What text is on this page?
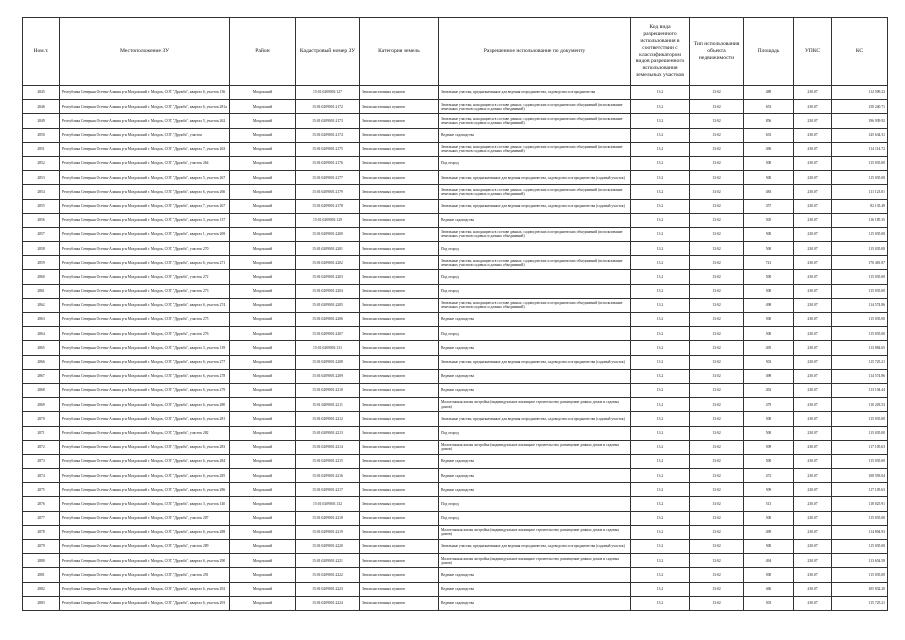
Ном.т.	Местоположение ЗУ	Район	Кадастровый номер ЗУ	Категория земель	Разрешенное использование по документу	Код вида разрешенного использования в соответствии с классификатором видов разрешенного использования земельных участков	Тип использования объекта недвижимости	Площадь	УПКС	КС
2845	Республика Северная Осетия-Алания р-н Моздокский г. Моздок, СОТ "Дружба", квартал 6, участок 136	Моздокский	15:01:0209001:127	Земли населенных пунктов	Земельные участки, предназначенные для ведения огородничества, садоводства и огородничества	13.2	13:02	489	230.07	112 509.23
2846	Республика Северная Осетия-Алания р-н Моздокский г. Моздок, СОТ "Дружба", квартал 6, участок 281а	Моздокский	15:01:0209001:2172	Земли населенных пунктов	Земельные участки, находящиеся в составе дачных, садоводческих и огороднических объединений (использование земельных участков садовых и дачных объединений)	13.2	13:02	653	230.07	150 240.71
2849	Республика Северная Осетия-Алания р-н Моздокский г. Моздок, СОТ "Дружба", квартал 5, участок 262	Моздокский	15:01:0209001:2173	Земли населенных пунктов	Земельные участки, находящиеся в составе дачных, садоводческих и огороднических объединений (использование земельных участков садовых и дачных объединений)	13.2	13:02	856	230.07	196 939.92
2850	Республика Северная Осетия-Алания р-н Моздокский г. Моздок, СОТ "Дружба", участок	Моздокский	15:01:0209001:2174	Земли населенных пунктов	Ведение садоводства	13.2	13:02	633	230.07	145 634.31
2851	Республика Северная Осетия-Алания р-н Моздокский г. Моздок, СОТ "Дружба", квартал 7, участок 263	Моздокский	15:01:0209001:2175	Земли населенных пунктов	Земельные участки, находящиеся в составе дачных, садоводческих и огороднических объединений (использование земельных участков садовых и дачных объединений)	13.2	13:02	496	230.07	114 114.72
2852	Республика Северная Осетия-Алания р-н Моздокский г. Моздок, СОТ "Дружба", участок 264	Моздокский	15:01:0209001:2176	Земли населенных пунктов	Под огород	13.2	13:02	500	230.07	115 035.00
2853	Республика Северная Осетия-Алания р-н Моздокский г. Моздок, СОТ "Дружба", квартал 5, участок 267	Моздокский	15:01:0209001:2177	Земли населенных пунктов	Земельные участки, предназначенные для ведения огородничества, садоводства и огородничества (садовый участок)	13.2	13:02	500	230.07	115 035.00
2854	Республика Северная Осетия-Алания р-н Моздокский г. Моздок, СОТ "Дружба", квартал 6, участок 266	Моздокский	15:01:0209001:2179	Земли населенных пунктов	Земельные участки, находящиеся в составе дачных, садоводческих и огороднических объединений (использование земельных участков садовых и дачных объединений)	13.2	13:02	483	230.07	111 123.81
2855	Республика Северная Осетия-Алания р-н Моздокский г. Моздок, СОТ "Дружба", квартал 7, участок 267	Моздокский	15:01:0209001:2178	Земли населенных пунктов	Земельные участки, предназначенные для ведения огородничества, садоводства и огородничества (садовый участок)	13.2	13:02	357	230.07	82 135.49
2856	Республика Северная Осетия-Алания р-н Моздокский г. Моздок, СОТ "Дружба", квартал 3, участок 137	Моздокский	15:01:0209001:129	Земли населенных пунктов	Ведение садоводства	13.2	13:02	505	230.07	116 185.35
2857	Республика Северная Осетия-Алания р-н Моздокский г. Моздок, СОТ "Дружба", квартал 1, участок 269	Моздокский	15:01:0209001:2200	Земли населенных пунктов	Земельные участки, находящиеся в составе дачных, садоводческих и огороднических объединений (использование земельных участков садовых и дачных объединений)	13.2	13:02	500	230.07	115 035.00
2858	Республика Северная Осетия-Алания р-н Моздокский г. Моздок, СОТ "Дружба", участок 270	Моздокский	15:01:0209001:2201	Земли населенных пунктов	Под огород	13.2	13:02	500	230.07	115 035.00
2859	Республика Северная Осетия-Алания р-н Моздокский г. Моздок, СОТ "Дружба", квартал 6, участок 271	Моздокский	15:01:0209001:2202	Земли населенных пунктов	Земельные участки, находящиеся в составе дачных, садоводческих и огороднических объединений (использование земельных участков садовых и дачных объединений)	13.2	13:02	741	230.07	170 481.87
2860	Республика Северная Осетия-Алания р-н Моздокский г. Моздок, СОТ "Дружба", участок 272	Моздокский	15:01:0209001:2203	Земли населенных пунктов	Под огород	13.2	13:02	500	230.07	115 035.00
2861	Республика Северная Осетия-Алания р-н Моздокский г. Моздок, СОТ "Дружба", участок 273	Моздокский	15:01:0209001:2204	Земли населенных пунктов	Под огород	13.2	13:02	500	230.07	115 035.00
2862	Республика Северная Осетия-Алания р-н Моздокский г. Моздок, СОТ "Дружба", квартал 6, участок 274	Моздокский	15:01:0209001:2205	Земли населенных пунктов	Земельные участки, находящиеся в составе дачных, садоводческих и огороднических объединений (использование земельных участков садовых и дачных объединений)	13.2	13:02	498	230.07	114 574.86
2863	Республика Северная Осетия-Алания р-н Моздокский г. Моздок, СОТ "Дружба", участок 275	Моздокский	15:01:0209001:2206	Земли населенных пунктов	Ведение садоводства	13.2	13:02	500	230.07	115 035.00
2864	Республика Северная Осетия-Алания р-н Моздокский г. Моздок, СОТ "Дружба", участок 276	Моздокский	15:01:0209001:2207	Земли населенных пунктов	Под огород	13.2	13:02	500	230.07	115 035.00
2865	Республика Северная Осетия-Алания р-н Моздокский г. Моздок, СОТ "Дружба", квартал 3, участок 139	Моздокский	15:01:0209001:131	Земли населенных пунктов	Ведение садоводства	13.2	13:02	495	230.07	113 884.65
2866	Республика Северная Осетия-Алания р-н Моздокский г. Моздок, СОТ "Дружба", квартал 6, участок 277	Моздокский	15:01:0209001:2208	Земли населенных пунктов	Земельные участки, предназначенные для ведения огородничества, садоводства и огородничества (садовый участок)	13.2	13:02	503	230.07	115 725.21
2867	Республика Северная Осетия-Алания р-н Моздокский г. Моздок, СОТ "Дружба", квартал 6, участок 278	Моздокский	15:01:0209001:2209	Земли населенных пунктов	Ведение садоводства	13.2	13:02	498	230.07	114 574.86
2868	Республика Северная Осетия-Алания р-н Моздокский г. Моздок, СОТ "Дружба", квартал 6, участок 279	Моздокский	15:01:0209001:2210	Земли населенных пунктов	Ведение садоводства	13.2	13:02	492	230.07	113 194.44
2869	Республика Северная Осетия-Алания р-н Моздокский г. Моздок, СОТ "Дружба", квартал 6, участок 280	Моздокский	15:01:0209001:2211	Земли населенных пунктов	Малоэтажная жилая застройка (индивидуальное жилищное строительство; размещение дачных домов и садовых домов)	13.2	13:02	479	230.07	110 203.53
2870	Республика Северная Осетия-Алания р-н Моздокский г. Моздок, СОТ "Дружба", квартал 6, участок 281	Моздокский	15:01:0209001:2212	Земли населенных пунктов	Земельные участки, предназначенные для ведения огородничества, садоводства и огородничества (садовый участок)	13.2	13:02	500	230.07	115 035.00
2871	Республика Северная Осетия-Алания р-н Моздокский г. Моздок, СОТ "Дружба", участок 282	Моздокский	15:01:0209001:2213	Земли населенных пунктов	Под огород	13.2	13:02	500	230.07	115 035.00
2872	Республика Северная Осетия-Алания р-н Моздокский г. Моздок, СОТ "Дружба", квартал 6, участок 283	Моздокский	15:01:0209001:2214	Земли населенных пунктов	Малоэтажная жилая застройка (индивидуальное жилищное строительство; размещение дачных домов и садовых домов)	13.2	13:02	509	230.07	117 105.63
2873	Республика Северная Осетия-Алания р-н Моздокский г. Моздок, СОТ "Дружба", квартал 6, участок 284	Моздокский	15:01:0209001:2215	Земли населенных пунктов	Ведение садоводства	13.2	13:02	500	230.07	115 035.00
2874	Республика Северная Осетия-Алания р-н Моздокский г. Моздок, СОТ "Дружба", квартал 6, участок 285	Моздокский	15:01:0209001:2216	Земли населенных пунктов	Ведение садоводства	13.2	13:02	472	230.07	108 593.04
2875	Республика Северная Осетия-Алания р-н Моздокский г. Моздок, СОТ "Дружба", квартал 6, участок 286	Моздокский	15:01:0209001:2217	Земли населенных пунктов	Ведение садоводства	13.2	13:02	509	230.07	117 105.63
2876	Республика Северная Осетия-Алания р-н Моздокский г. Моздок, СОТ "Дружба", квартал 3, участок 140	Моздокский	15:01:0209001:132	Земли населенных пунктов	Под огород	13.2	13:02	513	230.07	118 025.91
2877	Республика Северная Осетия-Алания р-н Моздокский г. Моздок, СОТ "Дружба", участок 287	Моздокский	15:01:0209001:2218	Земли населенных пунктов	Под огород	13.2	13:02	500	230.07	115 035.00
2878	Республика Северная Осетия-Алания р-н Моздокский г. Моздок, СОТ "Дружба", квартал 6, участок 288	Моздокский	15:01:0209001:2219	Земли населенных пунктов	Малоэтажная жилая застройка (индивидуальное жилищное строительство; размещение дачных домов и садовых домов)	13.2	13:02	499	230.07	114 804.93
2879	Республика Северная Осетия-Алания р-н Моздокский г. Моздок, СОТ "Дружба", участок 289	Моздокский	15:01:0209001:2220	Земли населенных пунктов	Земельные участки, предназначенные для ведения огородничества, садоводства и огородничества (садовый участок)	13.2	13:02	500	230.07	115 035.00
2880	Республика Северная Осетия-Алания р-н Моздокский г. Моздок, СОТ "Дружба", квартал 6, участок 290	Моздокский	15:01:0209001:2221	Земли населенных пунктов	Малоэтажная жилая застройка (индивидуальное жилищное строительство; размещение дачных домов и садовых домов)	13.2	13:02	494	230.07	113 654.58
2881	Республика Северная Осетия-Алания р-н Моздокский г. Моздок, СОТ "Дружба", участок 291	Моздокский	15:01:0209001:2222	Земли населенных пунктов	Ведение садоводства	13.2	13:02	500	230.07	115 035.00
2882	Республика Северная Осетия-Алания р-н Моздокский г. Моздок, СОТ "Дружба", квартал 6, участок 292	Моздокский	15:01:0209001:2223	Земли населенных пунктов	Ведение садоводства	13.2	13:02	460	230.07	105 832.20
2883	Республика Северная Осетия-Алания р-н Моздокский г. Моздок, СОТ "Дружба", квартал 6, участок 293	Моздокский	15:01:0209001:2224	Земли населенных пунктов	Ведение садоводства	13.2	13:02	503	230.07	115 725.21
